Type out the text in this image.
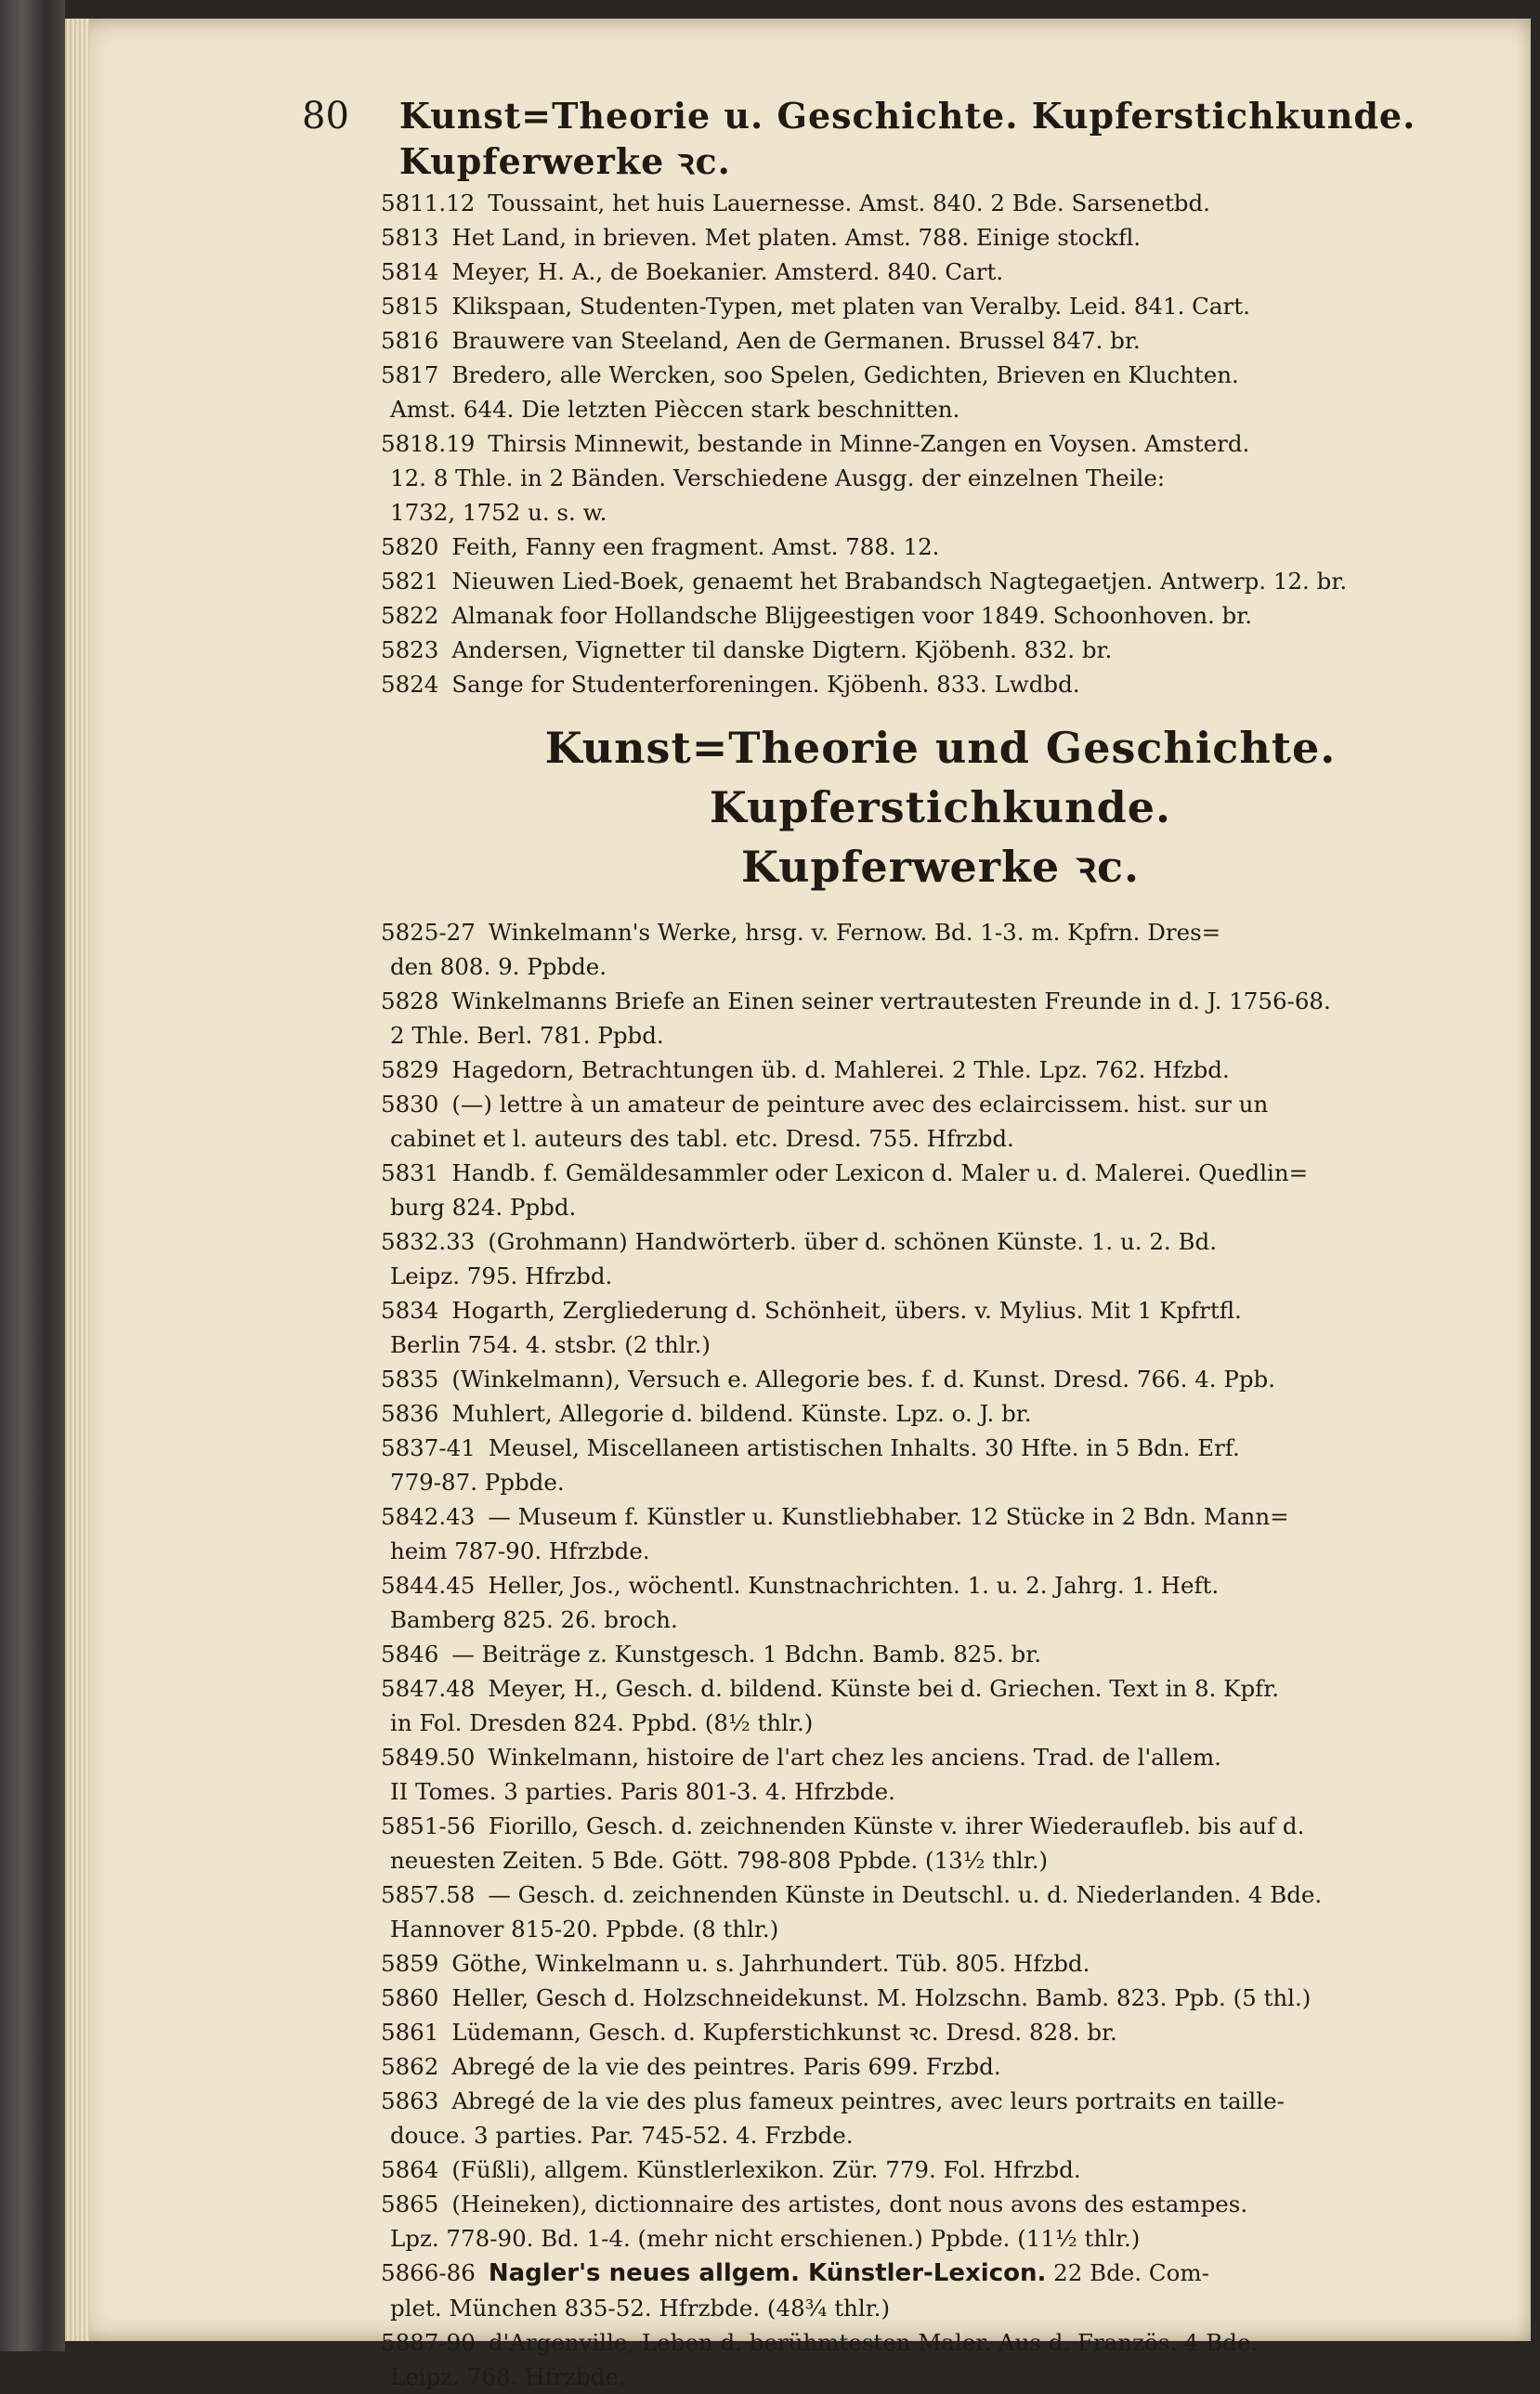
80 Kunst=Theorie u. Geschichte. Kupferstichkunde. Kupferwerke ꝛc.
5811.12 Toussaint, het huis Lauernesse. Amst. 840. 2 Bde. Sarsenetbd.
5813 Het Land, in brieven. Met platen. Amst. 788. Einige stockfl.
5814 Meyer, H. A., de Boekanier. Amsterd. 840. Cart.
5815 Klikspaan, Studenten-Typen, met platen van Veralby. Leid. 841. Cart.
5816 Brauwere van Steeland, Aen de Germanen. Brussel 847. br.
5817 Bredero, alle Wercken, soo Spelen, Gedichten, Brieven en Kluchten.
Amst. 644. Die letzten Pièccen stark beschnitten.
5818.19 Thirsis Minnewit, bestande in Minne-Zangen en Voysen. Amsterd.
12. 8 Thle. in 2 Bänden. Verschiedene Ausgg. der einzelnen Theile:
1732, 1752 u. s. w.
5820 Feith, Fanny een fragment. Amst. 788. 12.
5821 Nieuwen Lied-Boek, genaemt het Brabandsch Nagtegaetjen. Antwerp. 12. br.
5822 Almanak foor Hollandsche Blijgeestigen voor 1849. Schoonhoven. br.
5823 Andersen, Vignetter til danske Digtern. Kjöbenh. 832. br.
5824 Sange for Studenterforeningen. Kjöbenh. 833. Lwdbd.
Kunst=Theorie und Geschichte. Kupferstichkunde.
Kupferwerke ꝛc.
5825-27 Winkelmann's Werke, hrsg. v. Fernow. Bd. 1-3. m. Kpfrn. Dres=
den 808. 9. Ppbde.
5828 Winkelmanns Briefe an Einen seiner vertrautesten Freunde in d. J. 1756-68.
2 Thle. Berl. 781. Ppbd.
5829 Hagedorn, Betrachtungen üb. d. Mahlerei. 2 Thle. Lpz. 762. Hfzbd.
5830 (—) lettre à un amateur de peinture avec des eclaircissem. hist. sur un
cabinet et l. auteurs des tabl. etc. Dresd. 755. Hfrzbd.
5831 Handb. f. Gemäldesammler oder Lexicon d. Maler u. d. Malerei. Quedlin=
burg 824. Ppbd.
5832.33 (Grohmann) Handwörterb. über d. schönen Künste. 1. u. 2. Bd.
Leipz. 795. Hfrzbd.
5834 Hogarth, Zergliederung d. Schönheit, übers. v. Mylius. Mit 1 Kpfrtfl.
Berlin 754. 4. stsbr. (2 thlr.)
5835 (Winkelmann), Versuch e. Allegorie bes. f. d. Kunst. Dresd. 766. 4. Ppb.
5836 Muhlert, Allegorie d. bildend. Künste. Lpz. o. J. br.
5837-41 Meusel, Miscellaneen artistischen Inhalts. 30 Hfte. in 5 Bdn. Erf.
779-87. Ppbde.
5842.43 — Museum f. Künstler u. Kunstliebhaber. 12 Stücke in 2 Bdn. Mann=
heim 787-90. Hfrzbde.
5844.45 Heller, Jos., wöchentl. Kunstnachrichten. 1. u. 2. Jahrg. 1. Heft.
Bamberg 825. 26. broch.
5846 — Beiträge z. Kunstgesch. 1 Bdchn. Bamb. 825. br.
5847.48 Meyer, H., Gesch. d. bildend. Künste bei d. Griechen. Text in 8. Kpfr.
in Fol. Dresden 824. Ppbd. (8½ thlr.)
5849.50 Winkelmann, histoire de l'art chez les anciens. Trad. de l'allem.
II Tomes. 3 parties. Paris 801-3. 4. Hfrzbde.
5851-56 Fiorillo, Gesch. d. zeichnenden Künste v. ihrer Wiederaufleb. bis auf d.
neuesten Zeiten. 5 Bde. Gött. 798-808 Ppbde. (13½ thlr.)
5857.58 — Gesch. d. zeichnenden Künste in Deutschl. u. d. Niederlanden. 4 Bde.
Hannover 815-20. Ppbde. (8 thlr.)
5859 Göthe, Winkelmann u. s. Jahrhundert. Tüb. 805. Hfzbd.
5860 Heller, Gesch d. Holzschneidekunst. M. Holzschn. Bamb. 823. Ppb. (5 thl.)
5861 Lüdemann, Gesch. d. Kupferstichkunst ꝛc. Dresd. 828. br.
5862 Abregé de la vie des peintres. Paris 699. Frzbd.
5863 Abregé de la vie des plus fameux peintres, avec leurs portraits en taille-
douce. 3 parties. Par. 745-52. 4. Frzbde.
5864 (Füßli), allgem. Künstlerlexikon. Zür. 779. Fol. Hfrzbd.
5865 (Heineken), dictionnaire des artistes, dont nous avons des estampes.
Lpz. 778-90. Bd. 1-4. (mehr nicht erschienen.) Ppbde. (11½ thlr.)
5866-86 Nagler's neues allgem. Künstler-Lexicon. 22 Bde. Com-
plet. München 835-52. Hfrzbde. (48¾ thlr.)
5887-90 d'Argenville, Leben d. berühmtesten Maler. Aus d. Französ. 4 Bde.
Leipz. 768. Hfrzbde.
